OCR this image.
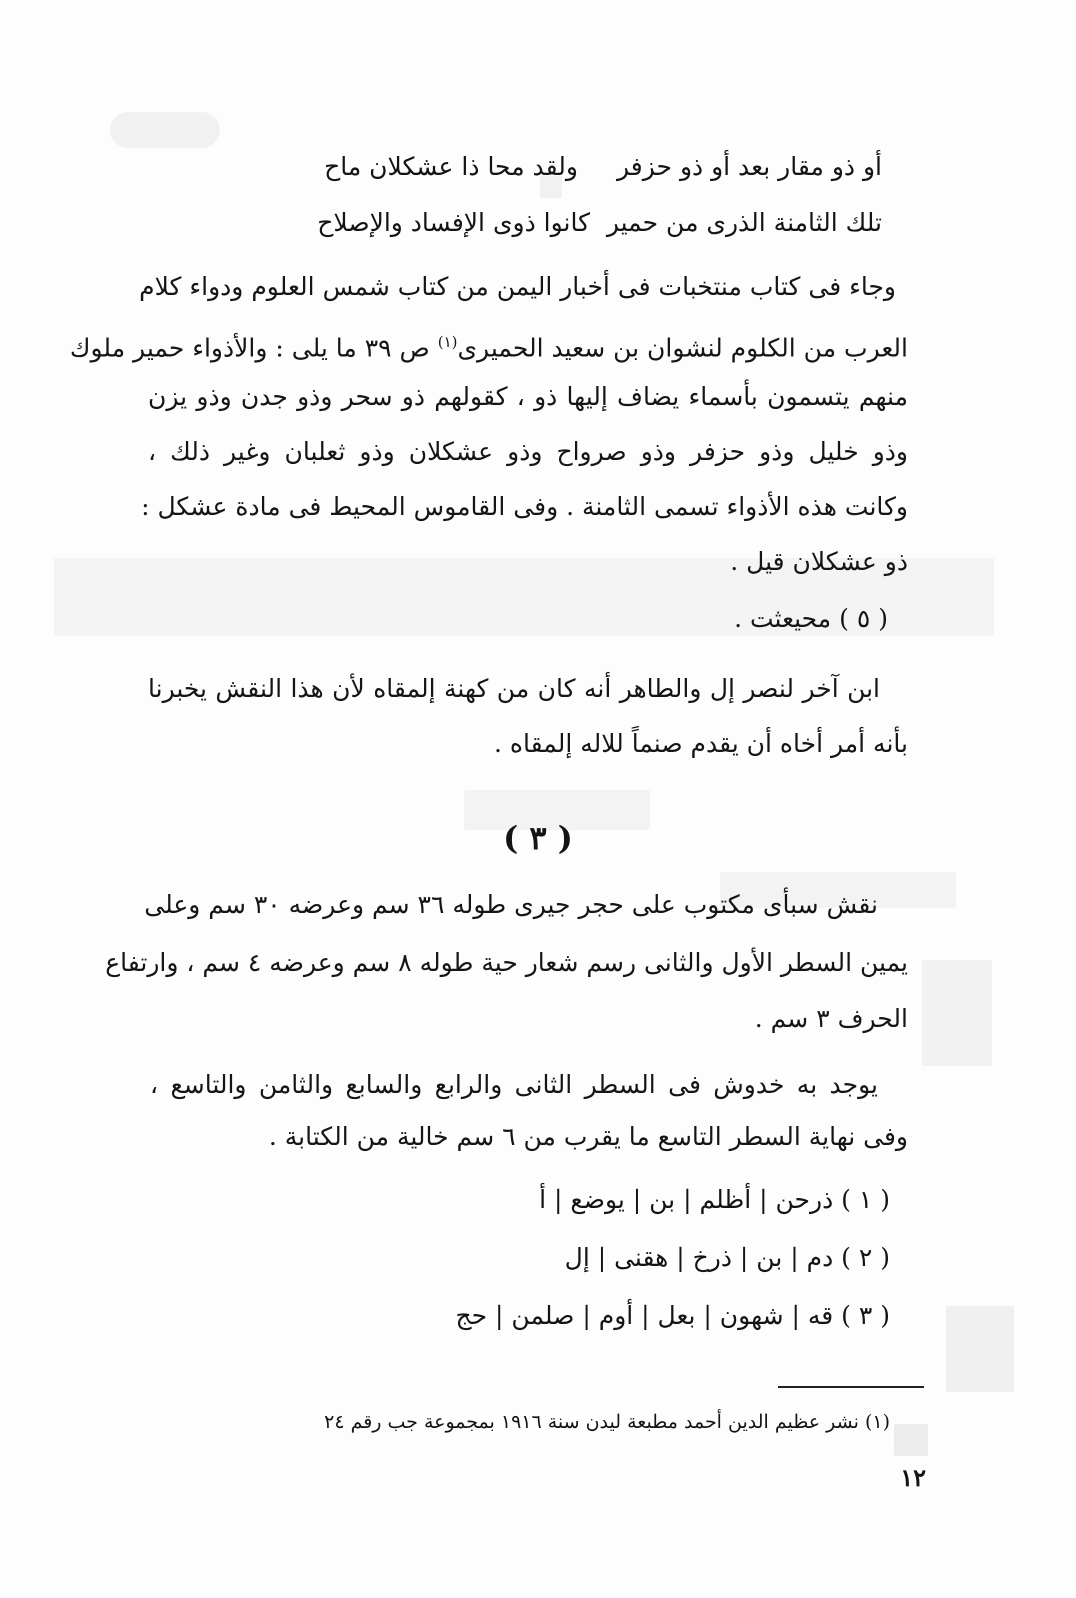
أو ذو مقار بعد أو ذو حزفر
ولقد محا ذا عشكلان ماح
تلك الثامنة الذرى من حمير
كانوا ذوى الإفساد والإصلاح
وجاء فى كتاب منتخبات فى أخبار اليمن من كتاب شمس العلوم ودواء كلام
العرب من الكلوم لنشوان بن سعيد الحميرى$^{(١)}$ ص ٣٩ ما يلى : والأذواء حمير ملوك
منهم يتسمون بأسماء يضاف إليها ذو ، كقولهم ذو سحر وذو جدن وذو يزن
وذو خليل وذو حزفر وذو صرواح وذو عشكلان وذو ثعلبان وغير ذلك ،
وكانت هذه الأذواء تسمى الثامنة . وفى القاموس المحيط فى مادة عشكل :
ذو عشكلان قيل .
( ٥ ) محيعثت .
ابن آخر لنصر إل والطاهر أنه كان من كهنة إلمقاه لأن هذا النقش يخبرنا
بأنه أمر أخاه أن يقدم صنماً للاله إلمقاه .
( ٣ )
نقش سبأى مكتوب على حجر جيرى طوله ٣٦ سم وعرضه ٣٠ سم وعلى
يمين السطر الأول والثانى رسم شعار حية طوله ٨ سم وعرضه ٤ سم ، وارتفاع
الحرف ٣ سم .
يوجد به خدوش فى السطر الثانى والرابع والسابع والثامن والتاسع ،
وفى نهاية السطر التاسع ما يقرب من ٦ سم خالية من الكتابة .
( ١ ) ذرحن | أظلم | بن | يوضع | أ
( ٢ ) دم | بن | ذرخ | هقنى | إل
( ٣ ) قه | شهون | بعل | أوم | صلمن | حج
(١) نشر عظيم الدين أحمد مطبعة ليدن سنة ١٩١٦ بمجموعة جب رقم ٢٤
١٢
